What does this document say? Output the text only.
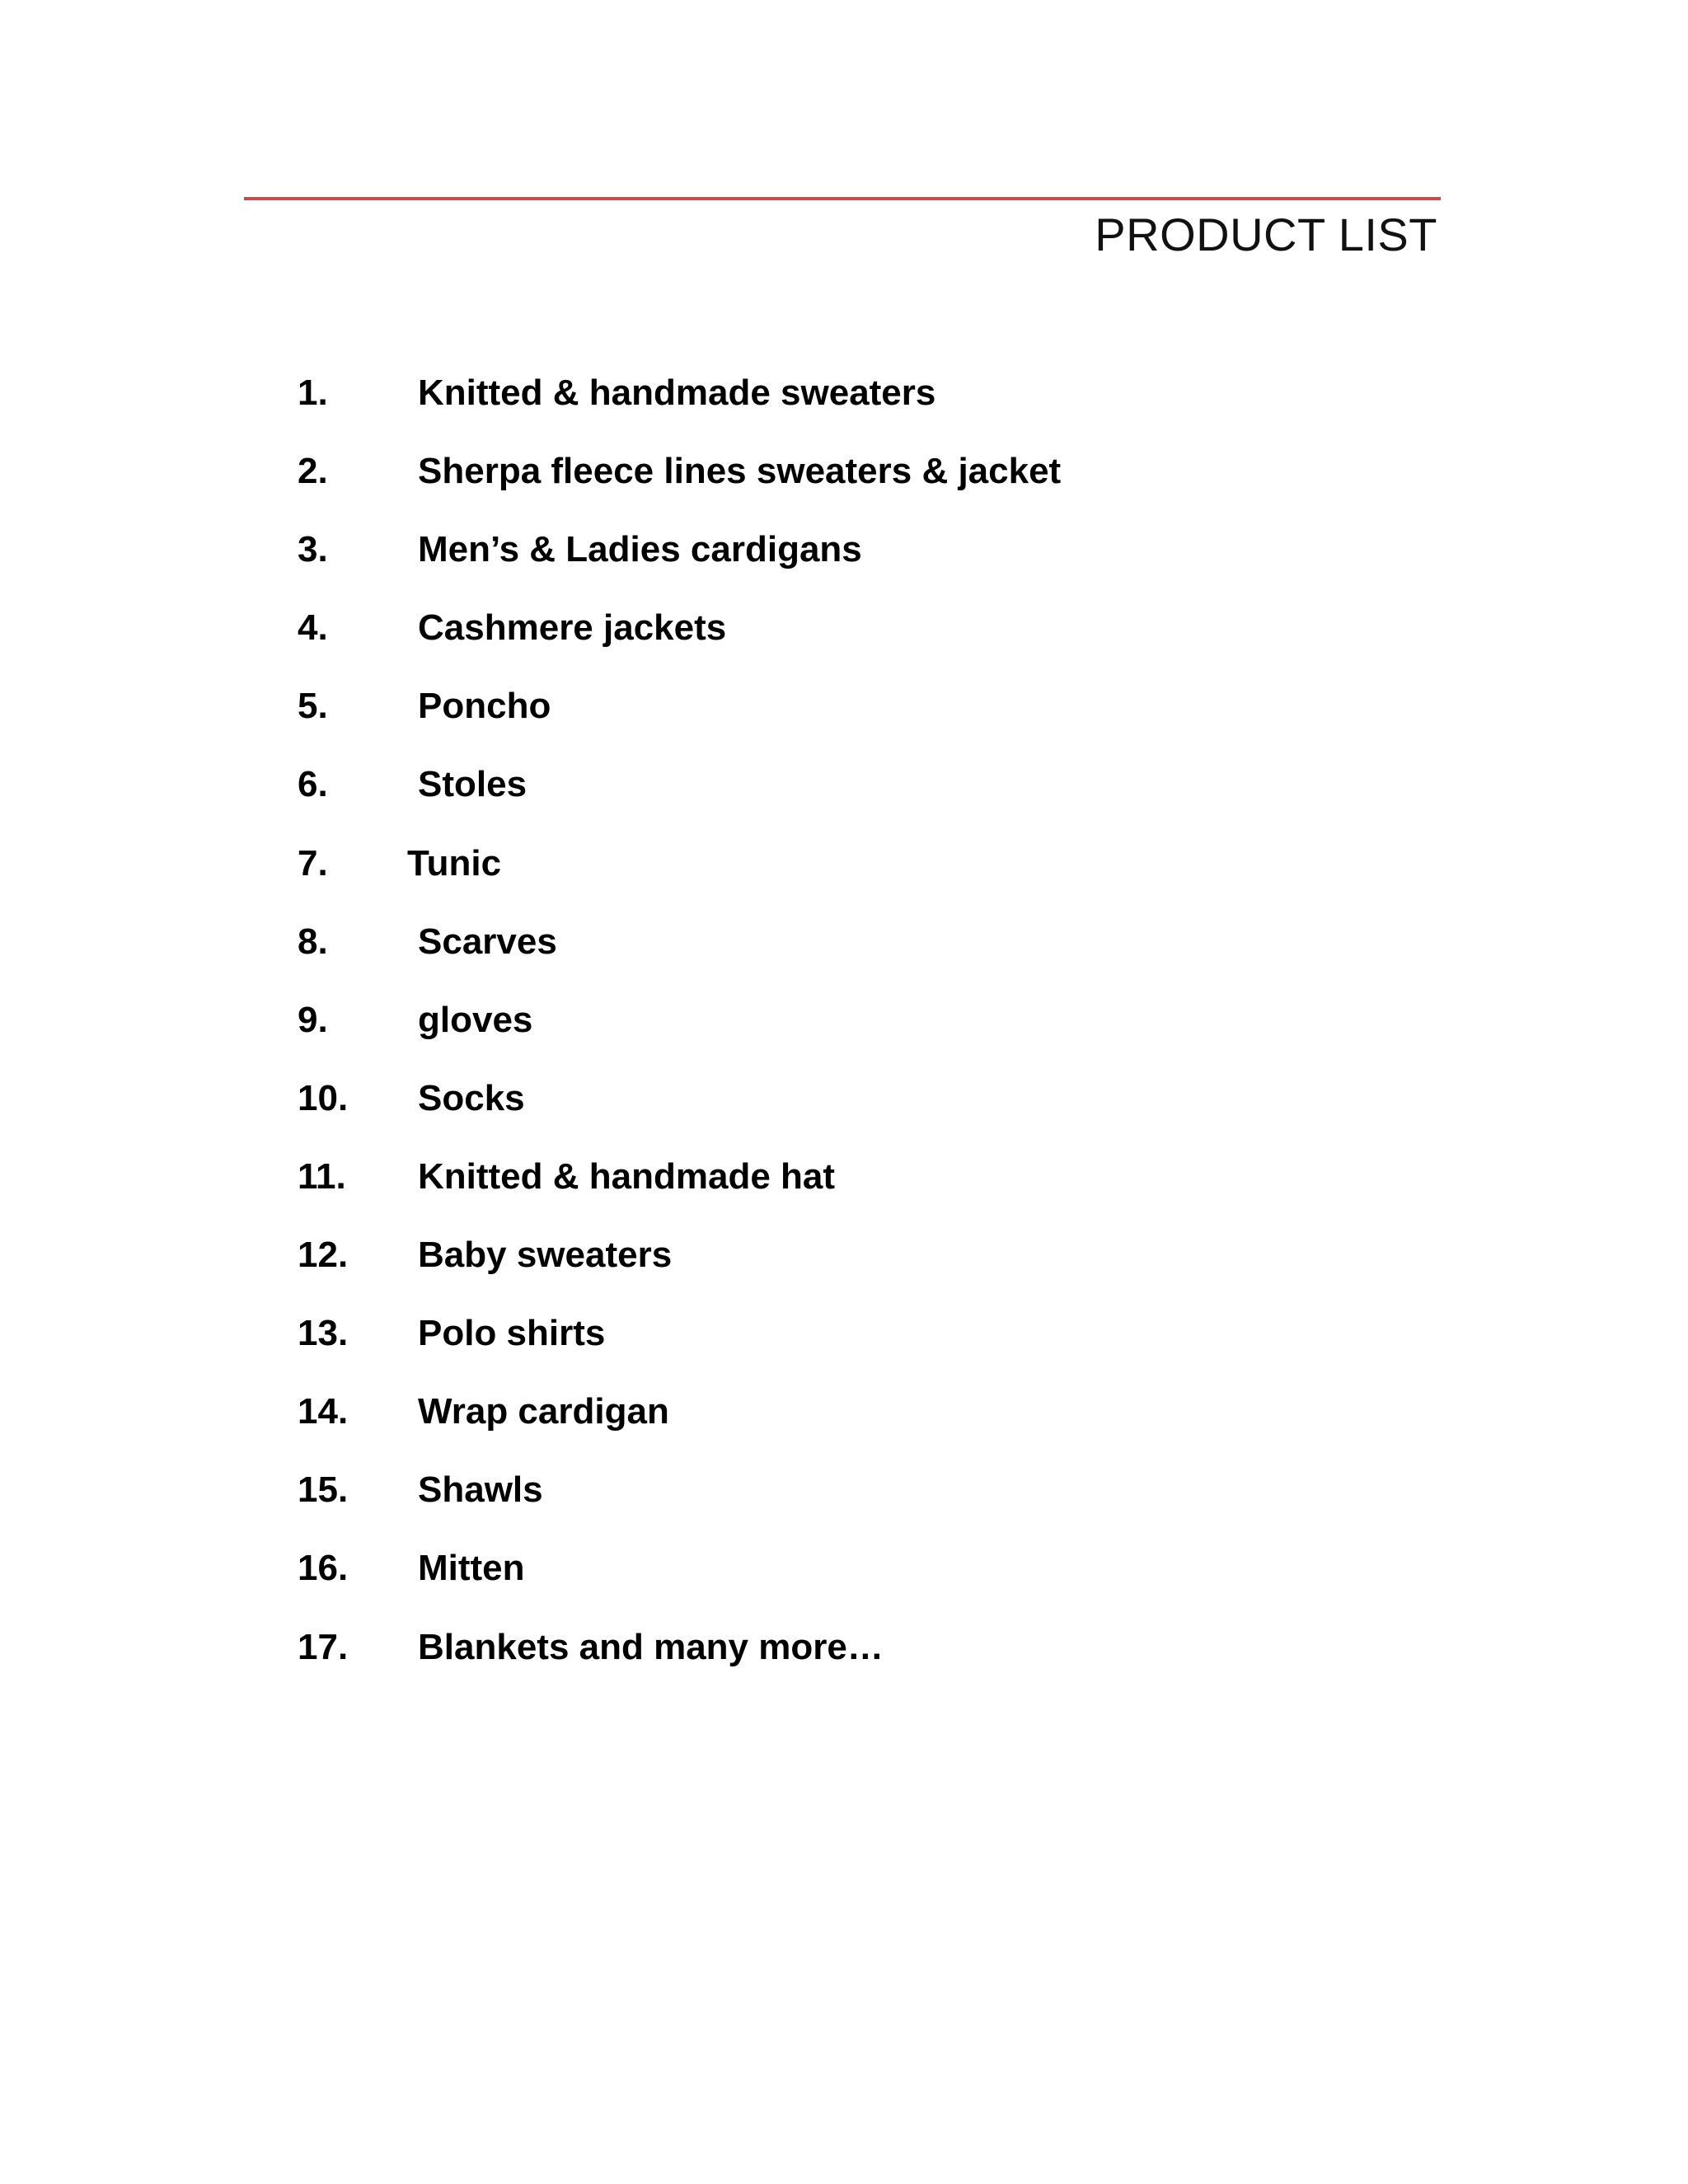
PRODUCT LIST
1.	Knitted & handmade sweaters
2.	Sherpa fleece lines sweaters & jacket
3.	Men’s & Ladies cardigans
4.	Cashmere jackets
5.	Poncho
6.	Stoles
7.	Tunic
8.	Scarves
9.	gloves
10.	Socks
11.	Knitted & handmade hat
12.	Baby sweaters
13.	Polo shirts
14.	Wrap cardigan
15.	Shawls
16.	Mitten
17.	Blankets and many more…
